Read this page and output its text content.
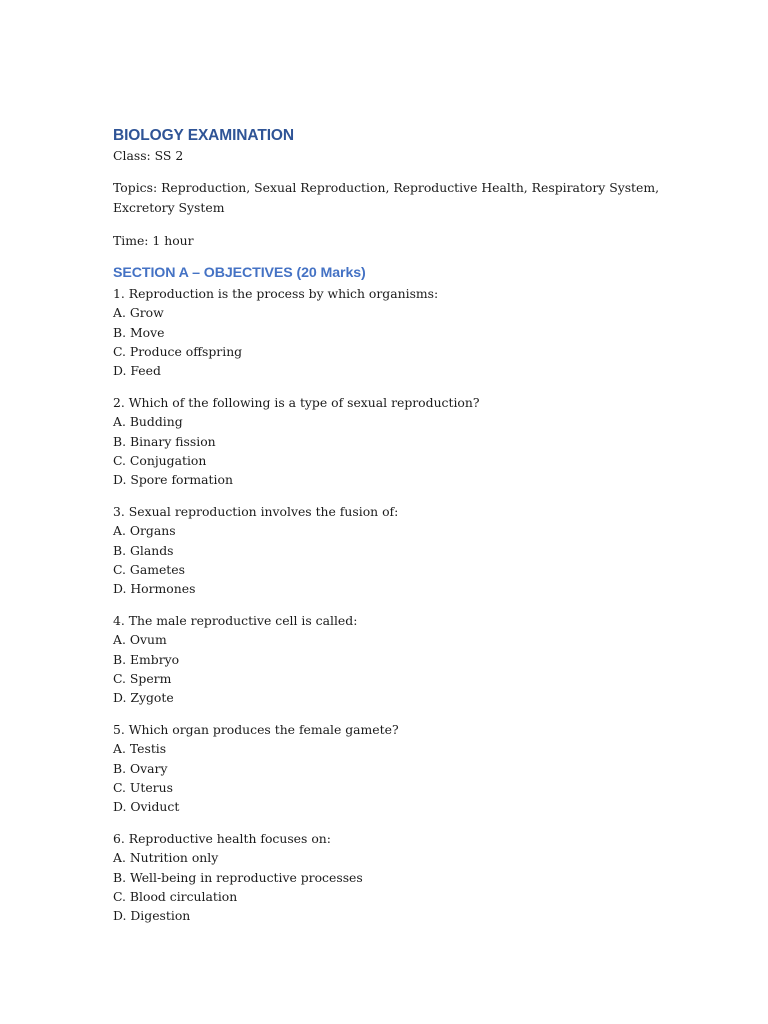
BIOLOGY EXAMINATION

Class: SS 2

Topics: Reproduction, Sexual Reproduction, Reproductive Health, Respiratory System, Excretory System

Time: 1 hour

SECTION A – OBJECTIVES (20 Marks)

1. Reproduction is the process by which organisms:

A. Grow

B. Move

C. Produce offspring

D. Feed

2. Which of the following is a type of sexual reproduction?

A. Budding

B. Binary fission

C. Conjugation

D. Spore formation

3. Sexual reproduction involves the fusion of:

A. Organs

B. Glands

C. Gametes

D. Hormones

4. The male reproductive cell is called:

A. Ovum

B. Embryo

C. Sperm

D. Zygote

5. Which organ produces the female gamete?

A. Testis

B. Ovary

C. Uterus

D. Oviduct

6. Reproductive health focuses on:

A. Nutrition only

B. Well-being in reproductive processes

C. Blood circulation

D. Digestion
